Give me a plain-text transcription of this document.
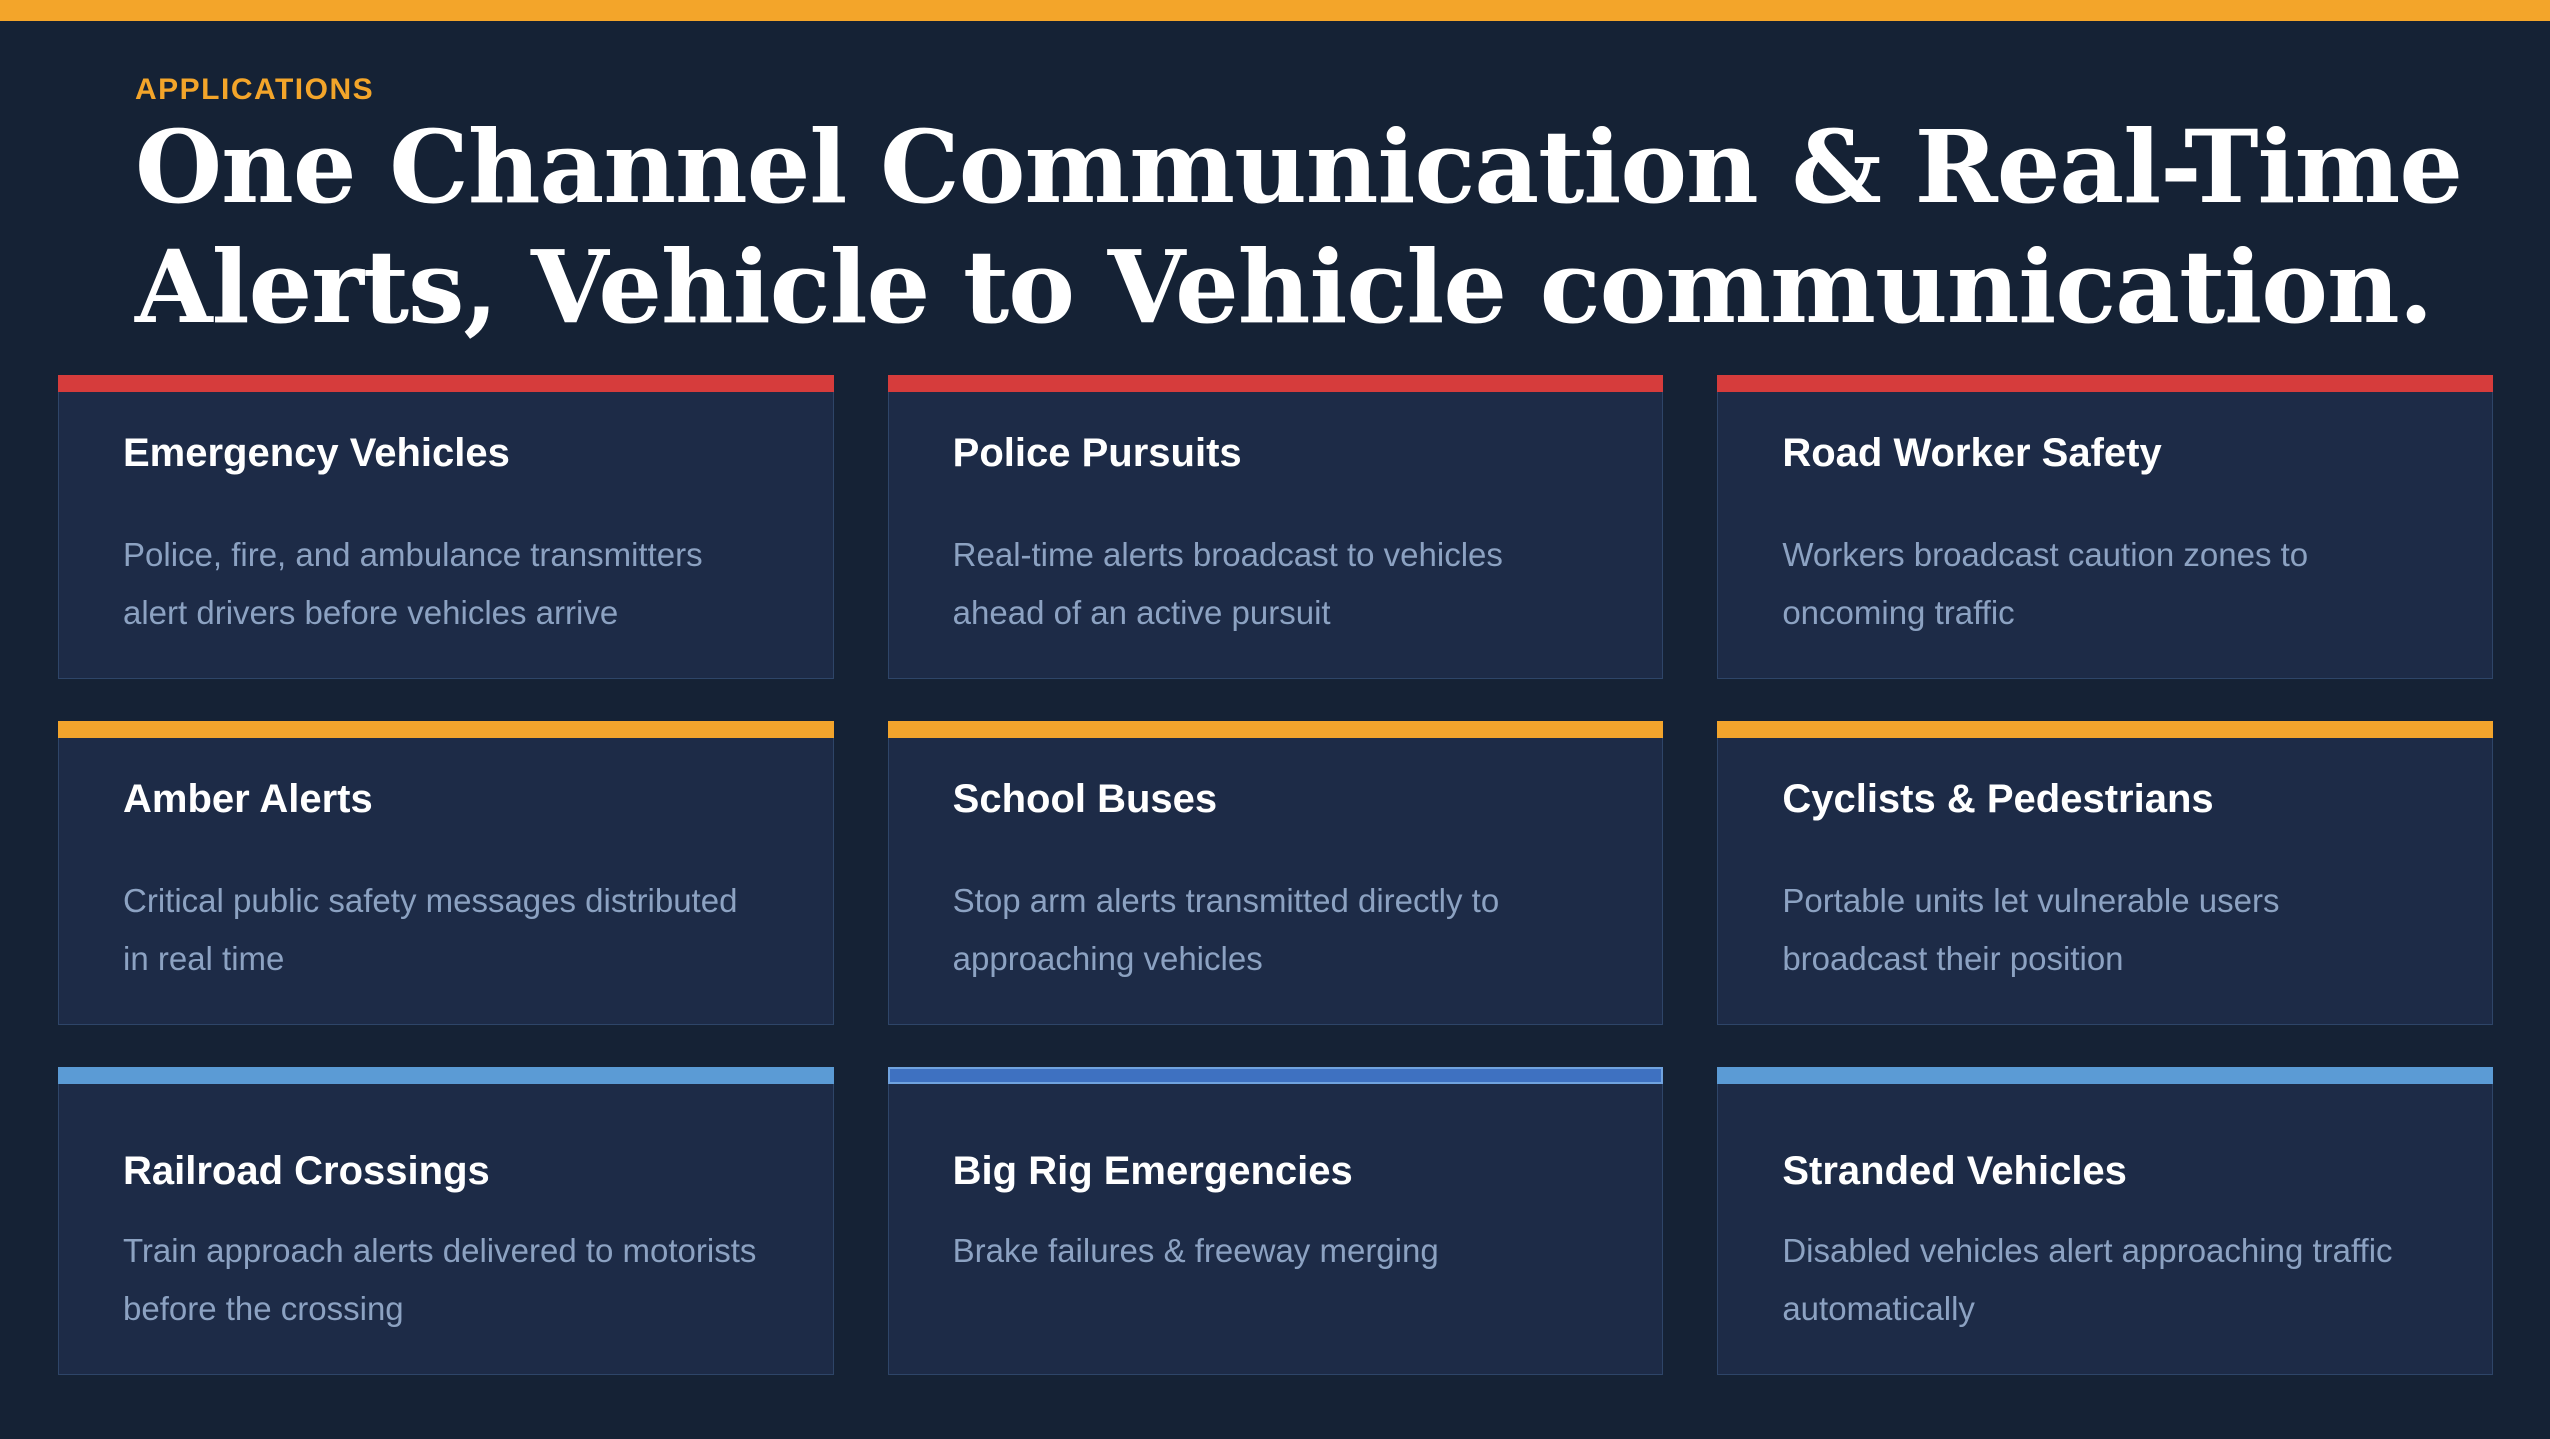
APPLICATIONS
One Channel Communication & Real-Time
Alerts, Vehicle to Vehicle communication.
Emergency Vehicles

Police, fire, and ambulance transmitters alert drivers before vehicles arrive

Police Pursuits

Real-time alerts broadcast to vehicles ahead of an active pursuit

Road Worker Safety

Workers broadcast caution zones to oncoming traffic

Amber Alerts

Critical public safety messages distributed in real time

School Buses

Stop arm alerts transmitted directly to approaching vehicles

Cyclists & Pedestrians

Portable units let vulnerable users broadcast their position

Railroad Crossings

Train approach alerts delivered to motorists before the crossing

Big Rig Emergencies

Brake failures & freeway merging

Stranded Vehicles

Disabled vehicles alert approaching traffic automatically
